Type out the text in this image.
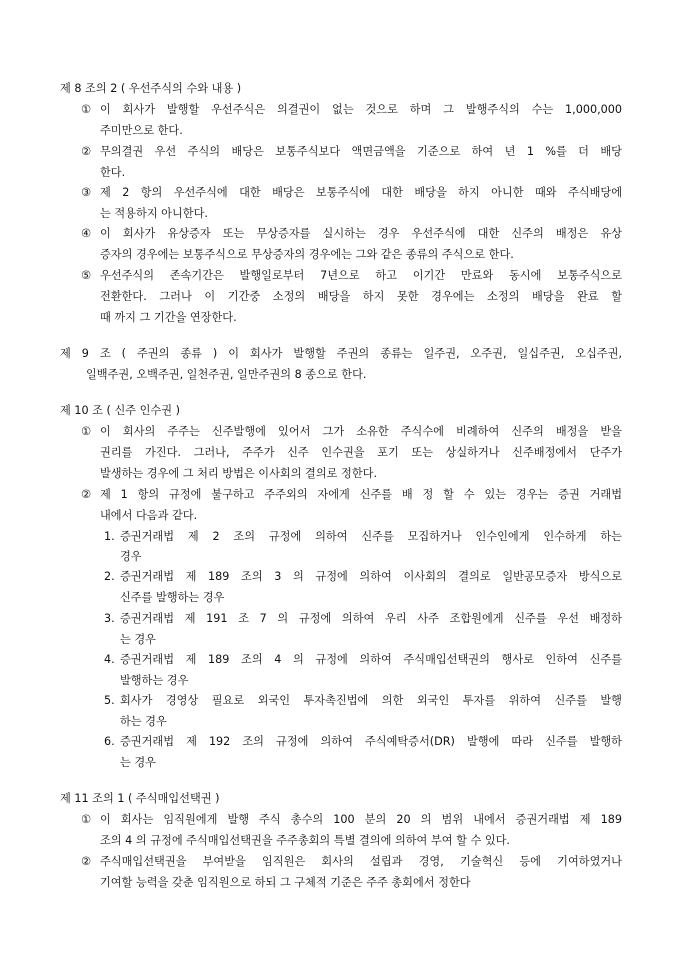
제 8 조의 2 ( 우선주식의 수와 내용 )
① 이 회사가 발행할 우선주식은 의결권이 없는 것으로 하며 그 발행주식의 수는 1,000,000
주미만으로 한다.
② 무의결권 우선 주식의 배당은 보통주식보다 액면금액을 기준으로 하여 년 1 %를 더 배당
한다.
③ 제 2 항의 우선주식에 대한 배당은 보통주식에 대한 배당을 하지 아니한 때와 주식배당에
는 적용하지 아니한다.
④ 이 회사가 유상증자 또는 무상증자를 실시하는 경우 우선주식에 대한 신주의 배정은 유상
증자의 경우에는 보통주식으로 무상증자의 경우에는 그와 같은 종류의 주식으로 한다.
⑤ 우선주식의 존속기간은 발행일로부터 7년으로 하고 이기간 만료와 동시에 보통주식으로
전환한다. 그러나 이 기간중 소정의 배당을 하지 못한 경우에는 소정의 배당을 완료 할
때 까지 그 기간을 연장한다.
제 9 조 ( 주권의 종류 ) 이 회사가 발행할 주권의 종류는 일주권, 오주권, 일십주권, 오십주권,
일백주권, 오백주권, 일천주권, 일만주권의 8 종으로 한다.
제 10 조 ( 신주 인수권 )
① 이 회사의 주주는 신주발행에 있어서 그가 소유한 주식수에 비례하여 신주의 배정을 받을
권리를 가진다. 그러나, 주주가 신주 인수권을 포기 또는 상실하거나 신주배정에서 단주가
발생하는 경우에 그 처리 방법은 이사회의 결의로 정한다.
② 제 1 항의 규정에 불구하고 주주외의 자에게 신주를 배 정 할 수 있는 경우는 증권 거래법
내에서 다음과 같다.
1. 증권거래법 제 2 조의 규정에 의하여 신주를 모집하거나 인수인에게 인수하게 하는
경우
2. 증권거래법 제 189 조의 3 의 규정에 의하여 이사회의 결의로 일반공모증자 방식으로
신주를 발행하는 경우
3. 증권거래법 제 191 조 7 의 규정에 의하여 우리 사주 조합원에게 신주를 우선 배정하
는 경우
4. 증권거래법 제 189 조의 4 의 규정에 의하여 주식매입선택권의 행사로 인하여 신주를
발행하는 경우
5. 회사가 경영상 필요로 외국인 투자촉진법에 의한 외국인 투자를 위하여 신주를 발행
하는 경우
6. 증권거래법 제 192 조의 규정에 의하여 주식예탁증서(DR) 발행에 따라 신주를 발행하
는 경우
제 11 조의 1 ( 주식매입선택권 )
① 이 회사는 임직원에게 발행 주식 총수의 100 분의 20 의 범위 내에서 증권거래법 제 189
조의 4 의 규정에 주식매입선택권을 주주총회의 특별 결의에 의하여 부여 할 수 있다.
② 주식매입선택권을 부여받을 임직원은 회사의 설립과 경영, 기술혁신 등에 기여하였거나
기여할 능력을 갖춘 임직원으로 하되 그 구체적 기준은 주주 총회에서 정한다
